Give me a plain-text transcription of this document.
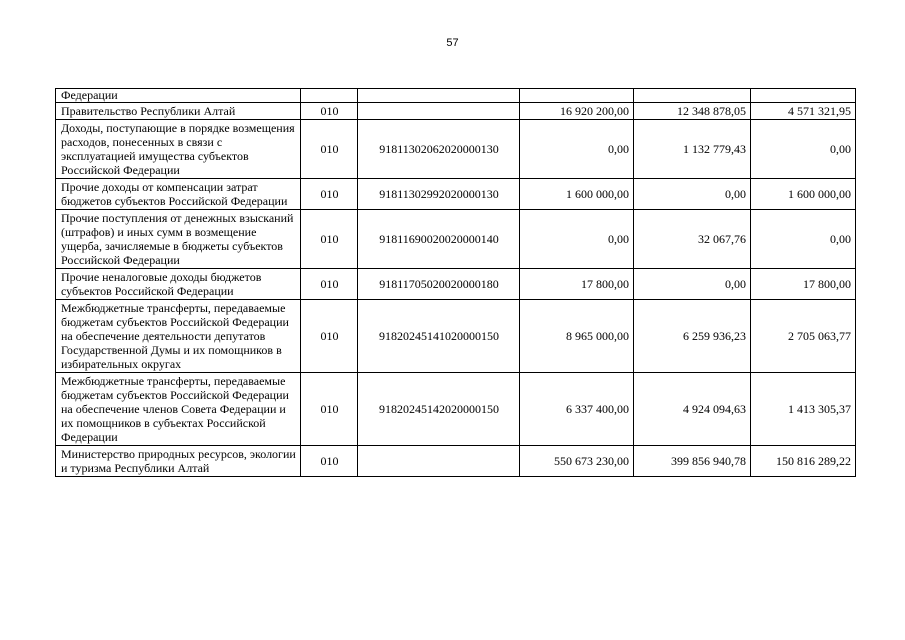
57
Федерации					
Правительство Республики Алтай	010		16 920 200,00	12 348 878,05	4 571 321,95
Доходы, поступающие в порядке возмещения расходов, понесенных в связи с эксплуатацией имущества субъектов Российской Федерации	010	91811302062020000130	0,00	1 132 779,43	0,00
Прочие доходы от компенсации затрат бюджетов субъектов Российской Федерации	010	91811302992020000130	1 600 000,00	0,00	1 600 000,00
Прочие поступления от денежных взысканий (штрафов) и иных сумм в возмещение ущерба, зачисляемые в бюджеты субъектов Российской Федерации	010	91811690020020000140	0,00	32 067,76	0,00
Прочие неналоговые доходы бюджетов субъектов Российской Федерации	010	91811705020020000180	17 800,00	0,00	17 800,00
Межбюджетные трансферты, передаваемые бюджетам субъектов Российской Федерации на обеспечение деятельности депутатов Государственной Думы и их помощников в избирательных округах	010	91820245141020000150	8 965 000,00	6 259 936,23	2 705 063,77
Межбюджетные трансферты, передаваемые бюджетам субъектов Российской Федерации на обеспечение членов Совета Федерации и их помощников в субъектах Российской Федерации	010	91820245142020000150	6 337 400,00	4 924 094,63	1 413 305,37
Министерство природных ресурсов, экологии и туризма Республики Алтай	010		550 673 230,00	399 856 940,78	150 816 289,22
